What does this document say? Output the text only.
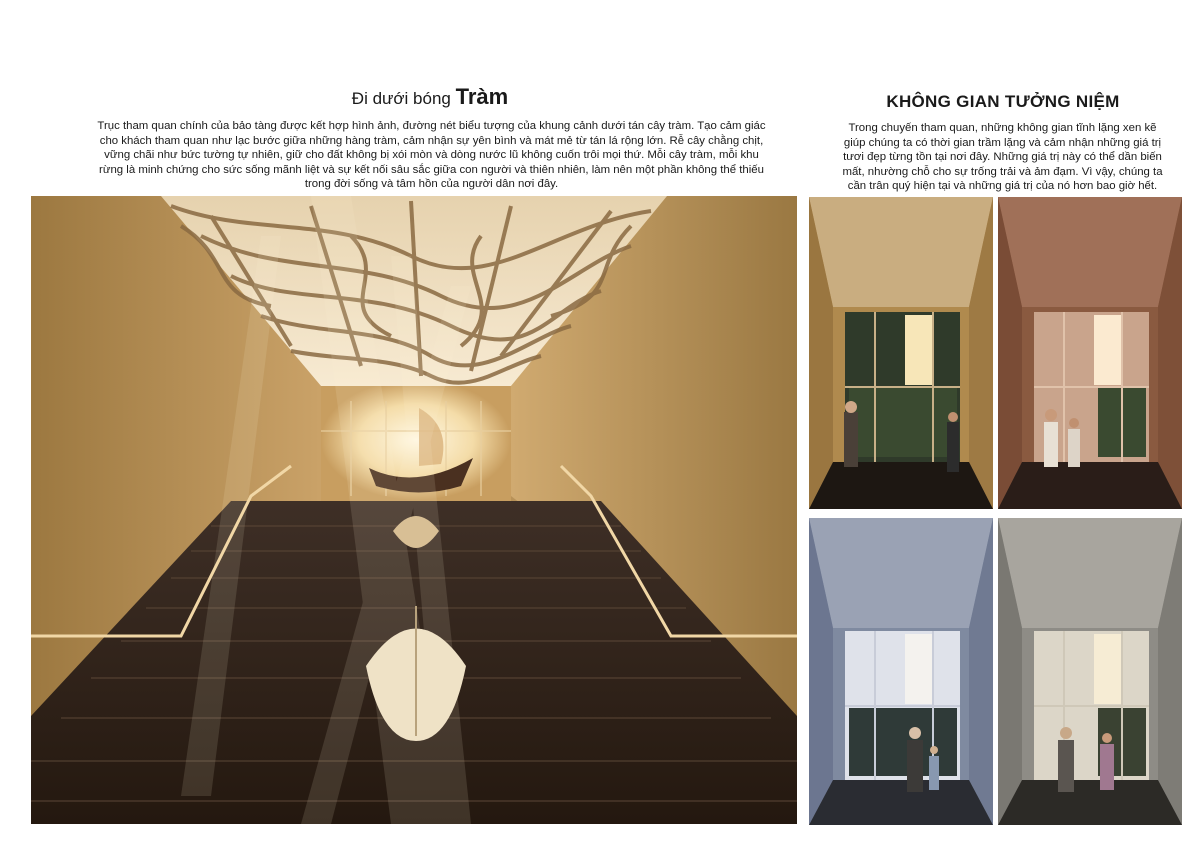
Đi dưới bóng Tràm
Trục tham quan chính của bảo tàng được kết hợp hình ảnh, đường nét biểu tượng của khung cảnh dưới tán cây tràm. Tạo cảm giác
cho khách tham quan như lạc bước giữa những hàng tràm, cảm nhận sự yên bình và mát mẻ từ tán lá rộng lớn. Rễ cây chằng chịt,
vững chãi như bức tường tự nhiên, giữ cho đất không bị xói mòn và dòng nước lũ không cuốn trôi mọi thứ. Mỗi cây tràm, mỗi khu
rừng là minh chứng cho sức sống mãnh liệt và sự kết nối sâu sắc giữa con người và thiên nhiên, làm nên một phần không thể thiếu
trong đời sống và tâm hồn của người dân nơi đây.
KHÔNG GIAN TƯỞNG NIỆM
Trong chuyến tham quan, những không gian tĩnh lặng xen kẽ
giúp chúng ta có thời gian trầm lặng và cảm nhận những giá trị
tươi đẹp từng tồn tại nơi đây. Những giá trị này có thể dần biến
mất, nhường chỗ cho sự trống trải và ảm đạm. Vì vậy, chúng ta
cần trân quý hiện tại và những giá trị của nó hơn bao giờ hết.
